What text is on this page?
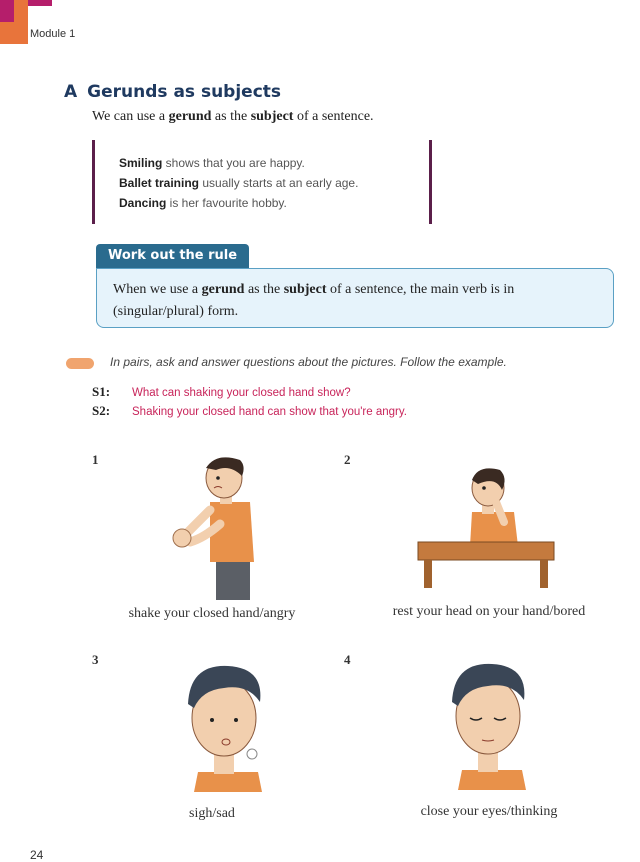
Module 1
A Gerunds as subjects
We can use a gerund as the subject of a sentence.
Smiling shows that you are happy.
Ballet training usually starts at an early age.
Dancing is her favourite hobby.
Work out the rule
When we use a gerund as the subject of a sentence, the main verb is in (singular/plural) form.
In pairs, ask and answer questions about the pictures. Follow the example.
S1: What can shaking your closed hand show?
S2: Shaking your closed hand can show that you're angry.
1
shake your closed hand/angry
2
rest your head on your hand/bored
3
sigh/sad
4
close your eyes/thinking
24
